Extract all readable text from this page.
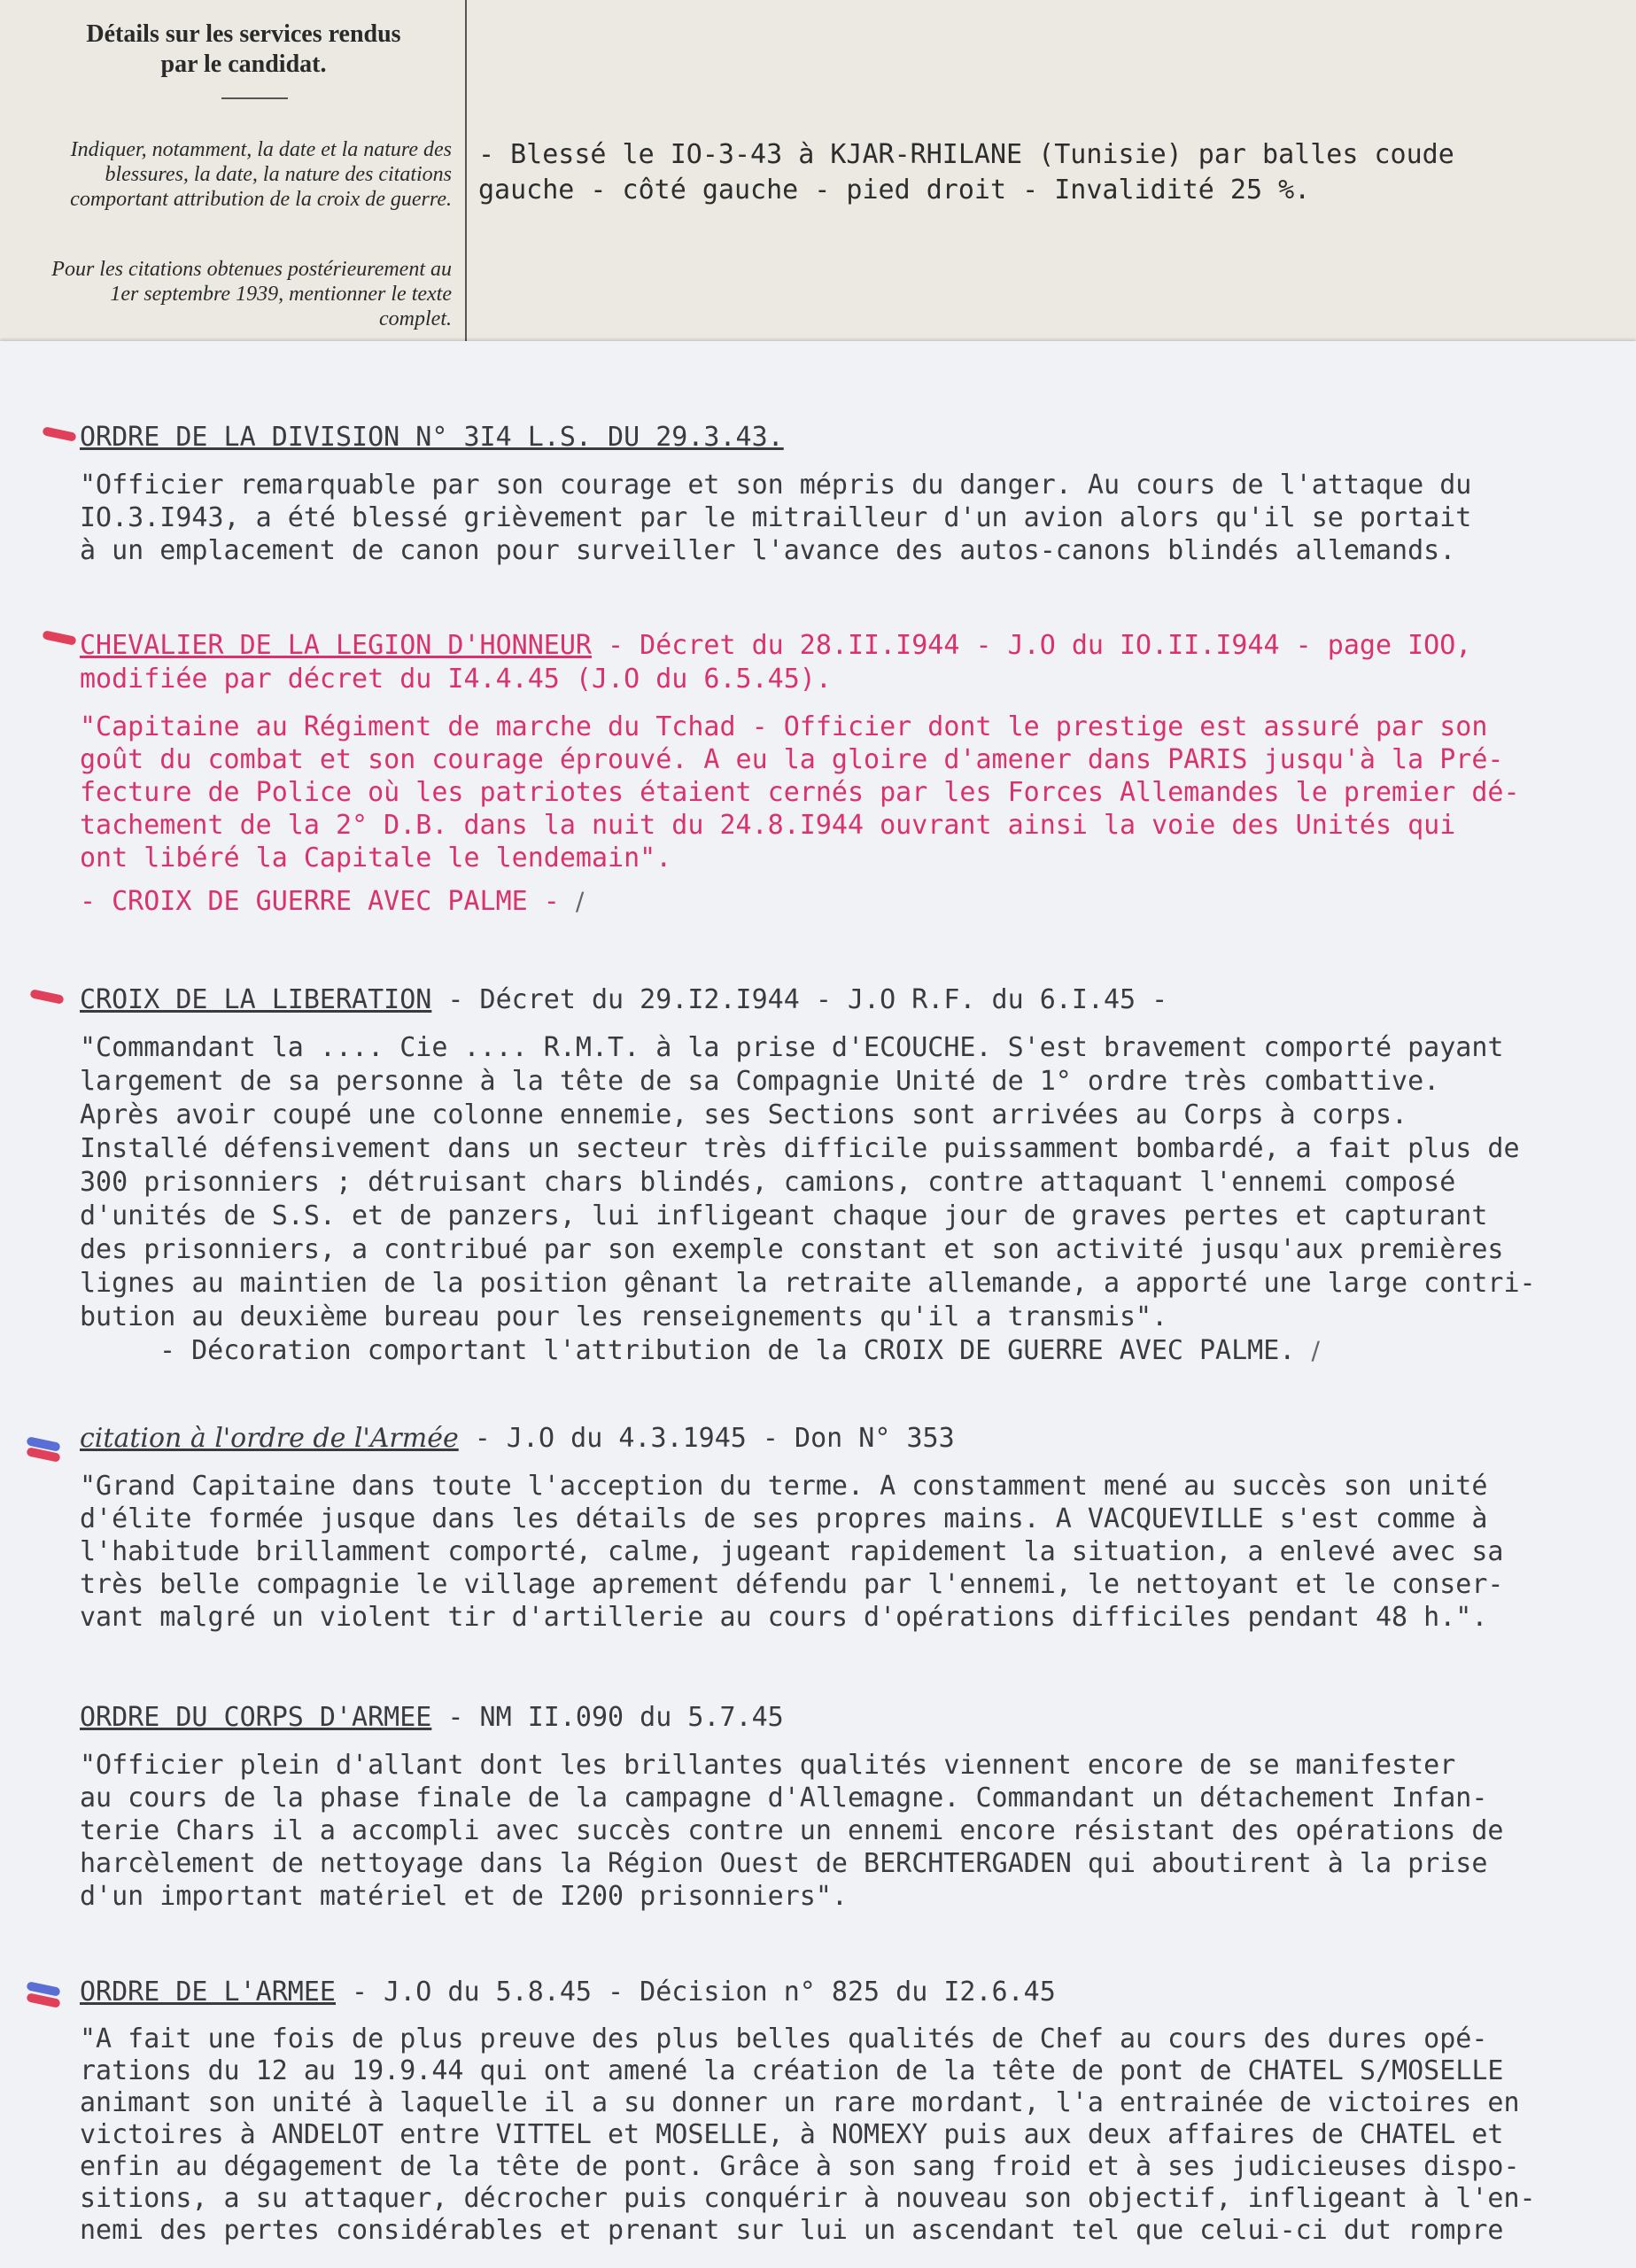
Détails sur les services rendus
par le candidat.
Indiquer, notamment, la date et la nature des blessures, la date, la nature des citations comportant attribution de la croix de guerre.
Pour les citations obtenues postérieurement au 1er septembre 1939, mentionner le texte complet.
- Blessé le IO-3-43 à KJAR-RHILANE (Tunisie) par balles coude
gauche - côté gauche - pied droit - Invalidité 25 %.
ORDRE DE LA DIVISION N° 3I4 L.S. DU 29.3.43.
"Officier remarquable par son courage et son mépris du danger. Au cours de l'attaque du
IO.3.I943, a été blessé grièvement par le mitrailleur d'un avion alors qu'il se portait
à un emplacement de canon pour surveiller l'avance des autos-canons blindés allemands.
CHEVALIER DE LA LEGION D'HONNEUR - Décret du 28.II.I944 - J.O du IO.II.I944 - page IOO,
modifiée par décret du I4.4.45 (J.O du 6.5.45).
"Capitaine au Régiment de marche du Tchad - Officier dont le prestige est assuré par son
goût du combat et son courage éprouvé. A eu la gloire d'amener dans PARIS jusqu'à la Pré-
fecture de Police où les patriotes étaient cernés par les Forces Allemandes le premier dé-
tachement de la 2° D.B. dans la nuit du 24.8.I944 ouvrant ainsi la voie des Unités qui
ont libéré la Capitale le lendemain".
- CROIX DE GUERRE AVEC PALME - ∕
CROIX DE LA LIBERATION - Décret du 29.I2.I944 - J.O R.F. du 6.I.45 -
"Commandant la .... Cie .... R.M.T. à la prise d'ECOUCHE. S'est bravement comporté payant
largement de sa personne à la tête de sa Compagnie Unité de 1° ordre très combattive.
Après avoir coupé une colonne ennemie, ses Sections sont arrivées au Corps à corps.
Installé défensivement dans un secteur très difficile puissamment bombardé, a fait plus de
300 prisonniers ; détruisant chars blindés, camions, contre attaquant l'ennemi composé
d'unités de S.S. et de panzers, lui infligeant chaque jour de graves pertes et capturant
des prisonniers, a contribué par son exemple constant et son activité jusqu'aux premières
lignes au maintien de la position gênant la retraite allemande, a apporté une large contri-
bution au deuxième bureau pour les renseignements qu'il a transmis".
- Décoration comportant l'attribution de la CROIX DE GUERRE AVEC PALME. ∕
citation à l'ordre de l'Armée - J.O du 4.3.1945 - Don N° 353
"Grand Capitaine dans toute l'acception du terme. A constamment mené au succès son unité
d'élite formée jusque dans les détails de ses propres mains. A VACQUEVILLE s'est comme à
l'habitude brillamment comporté, calme, jugeant rapidement la situation, a enlevé avec sa
très belle compagnie le village aprement défendu par l'ennemi, le nettoyant et le conser-
vant malgré un violent tir d'artillerie au cours d'opérations difficiles pendant 48 h.".
ORDRE DU CORPS D'ARMEE - NM II.090 du 5.7.45
"Officier plein d'allant dont les brillantes qualités viennent encore de se manifester
au cours de la phase finale de la campagne d'Allemagne. Commandant un détachement Infan-
terie Chars il a accompli avec succès contre un ennemi encore résistant des opérations de
harcèlement de nettoyage dans la Région Ouest de BERCHTERGADEN qui aboutirent à la prise
d'un important matériel et de I200 prisonniers".
ORDRE DE L'ARMEE - J.O du 5.8.45 - Décision n° 825 du I2.6.45
"A fait une fois de plus preuve des plus belles qualités de Chef au cours des dures opé-
rations du 12 au 19.9.44 qui ont amené la création de la tête de pont de CHATEL S/MOSELLE
animant son unité à laquelle il a su donner un rare mordant, l'a entrainée de victoires en
victoires à ANDELOT entre VITTEL et MOSELLE, à NOMEXY puis aux deux affaires de CHATEL et
enfin au dégagement de la tête de pont. Grâce à son sang froid et à ses judicieuses dispo-
sitions, a su attaquer, décrocher puis conquérir à nouveau son objectif, infligeant à l'en-
nemi des pertes considérables et prenant sur lui un ascendant tel que celui-ci dut rompre
